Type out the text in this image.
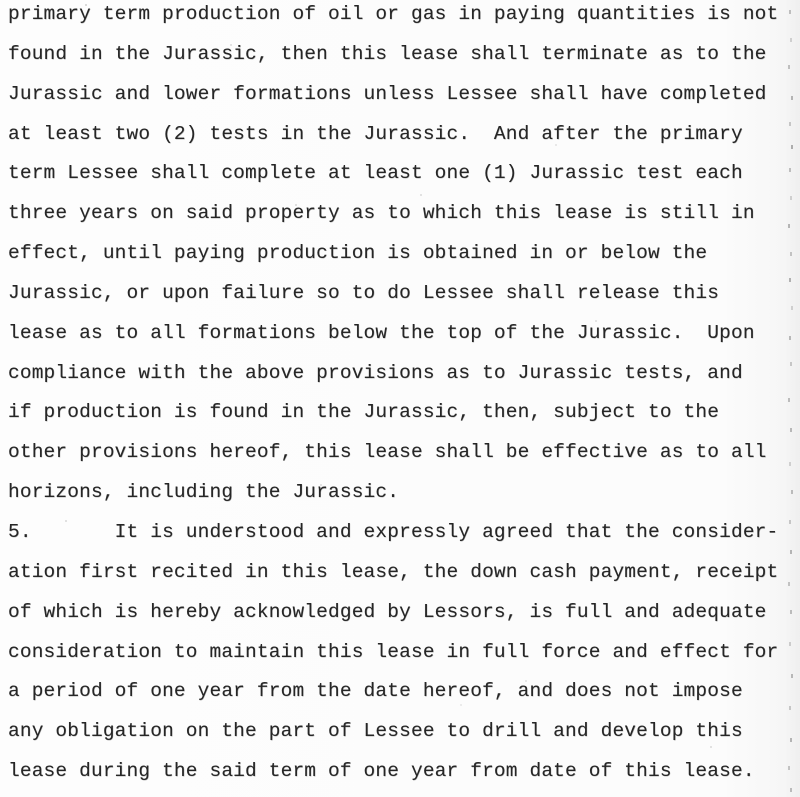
primary term production of oil or gas in paying quantities is not
found in the Jurassic, then this lease shall terminate as to the
Jurassic and lower formations unless Lessee shall have completed
at least two (2) tests in the Jurassic.  And after the primary
term Lessee shall complete at least one (1) Jurassic test each
three years on said property as to which this lease is still in
effect, until paying production is obtained in or below the
Jurassic, or upon failure so to do Lessee shall release this
lease as to all formations below the top of the Jurassic.  Upon
compliance with the above provisions as to Jurassic tests, and
if production is found in the Jurassic, then, subject to the
other provisions hereof, this lease shall be effective as to all
horizons, including the Jurassic.
5.       It is understood and expressly agreed that the consider-
ation first recited in this lease, the down cash payment, receipt
of which is hereby acknowledged by Lessors, is full and adequate
consideration to maintain this lease in full force and effect for
a period of one year from the date hereof, and does not impose
any obligation on the part of Lessee to drill and develop this
lease during the said term of one year from date of this lease.
